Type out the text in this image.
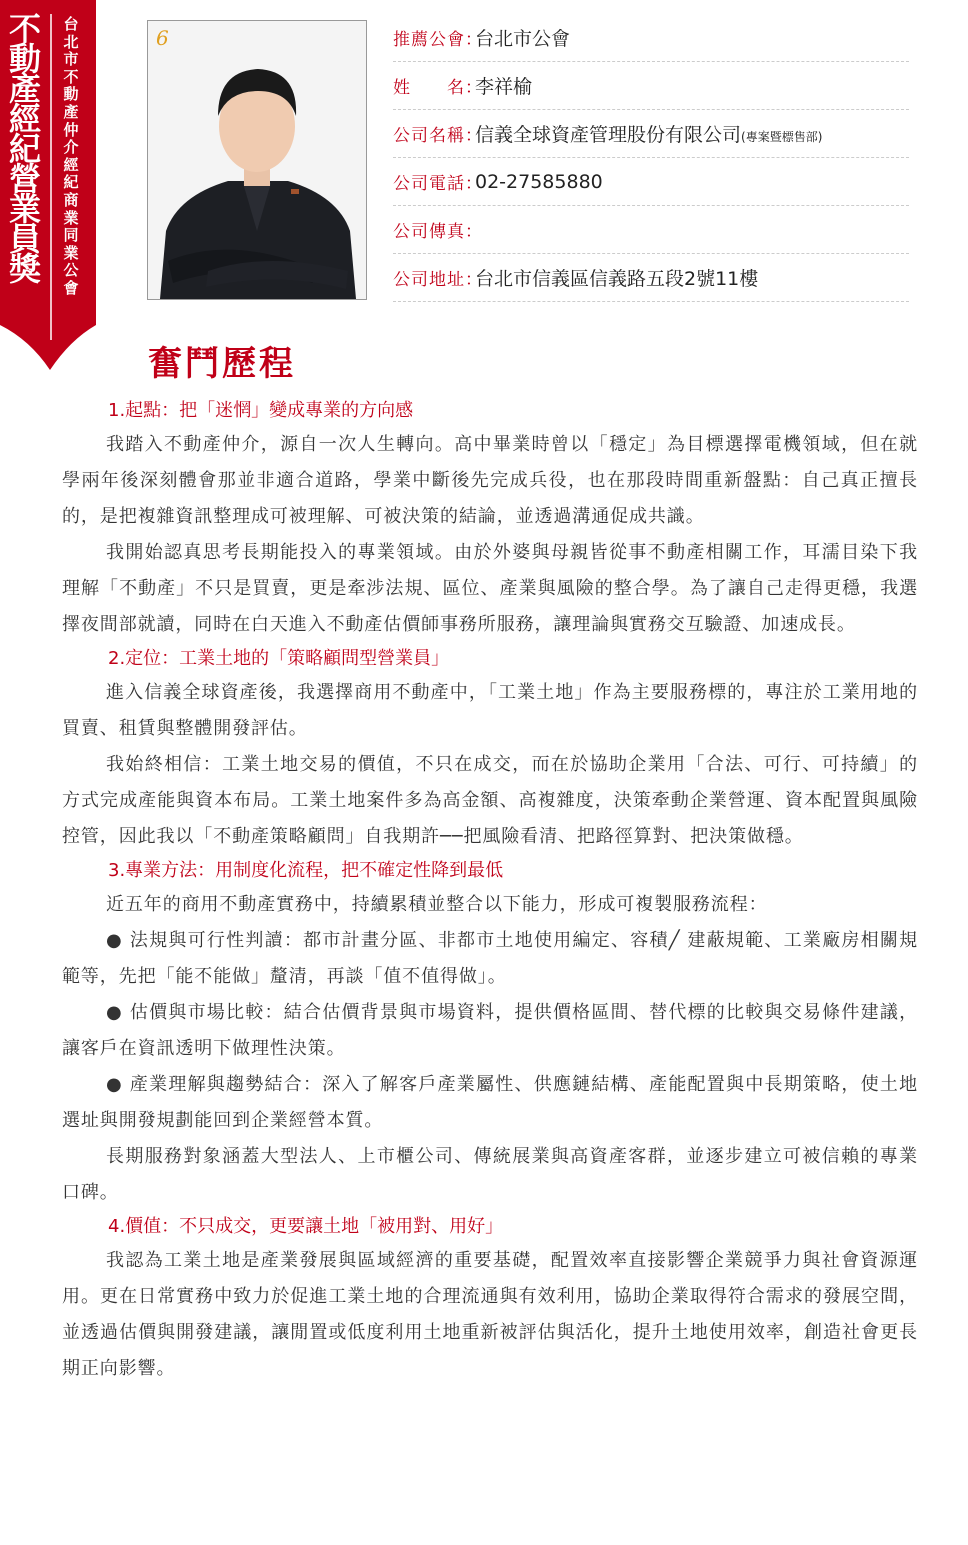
不動產經紀營業員獎
台北市不動產仲介經紀商業同業公會
6	推薦公會：
台北市公會
姓　　名：
李祥榆
公司名稱：
信義全球資產管理股份有限公司(專案暨標售部)
公司電話：
02-27585880
公司傳真：
公司地址：
台北市信義區信義路五段2號11樓
奮鬥歷程
1.起點：把「迷惘」變成專業的方向感
我踏入不動產仲介，源自一次人生轉向。高中畢業時曾以「穩定」為目標選擇電機領域，但在就學兩年後深刻體會那並非適合道路，學業中斷後先完成兵役，也在那段時間重新盤點：自己真正擅長的，是把複雜資訊整理成可被理解、可被決策的結論，並透過溝通促成共識。
我開始認真思考長期能投入的專業領域。由於外婆與母親皆從事不動產相關工作，耳濡目染下我理解「不動產」不只是買賣，更是牽涉法規、區位、產業與風險的整合學。為了讓自己走得更穩，我選擇夜間部就讀，同時在白天進入不動產估價師事務所服務，讓理論與實務交互驗證、加速成長。
2.定位：工業土地的「策略顧問型營業員」
進入信義全球資產後，我選擇商用不動產中，「工業土地」作為主要服務標的，專注於工業用地的買賣、租賃與整體開發評估。
我始終相信：工業土地交易的價值，不只在成交，而在於協助企業用「合法、可行、可持續」的方式完成產能與資本布局。工業土地案件多為高金額、高複雜度，決策牽動企業營運、資本配置與風險控管，因此我以「不動產策略顧問」自我期許──把風險看清、把路徑算對、把決策做穩。
3.專業方法：用制度化流程，把不確定性降到最低
近五年的商用不動產實務中，持續累積並整合以下能力，形成可複製服務流程：
● 法規與可行性判讀：都市計畫分區、非都市土地使用編定、容積╱ 建蔽規範、工業廠房相關規範等，先把「能不能做」釐清，再談「值不值得做」。
● 估價與市場比較：結合估價背景與市場資料，提供價格區間、替代標的比較與交易條件建議，讓客戶在資訊透明下做理性決策。
● 產業理解與趨勢結合：深入了解客戶產業屬性、供應鏈結構、產能配置與中長期策略，使土地選址與開發規劃能回到企業經營本質。
長期服務對象涵蓋大型法人、上市櫃公司、傳統展業與高資產客群，並逐步建立可被信賴的專業口碑。
4.價值：不只成交，更要讓土地「被用對、用好」
我認為工業土地是產業發展與區域經濟的重要基礎，配置效率直接影響企業競爭力與社會資源運用。更在日常實務中致力於促進工業土地的合理流通與有效利用，協助企業取得符合需求的發展空間，並透過估價與開發建議，讓閒置或低度利用土地重新被評估與活化，提升土地使用效率，創造社會更長期正向影響。
